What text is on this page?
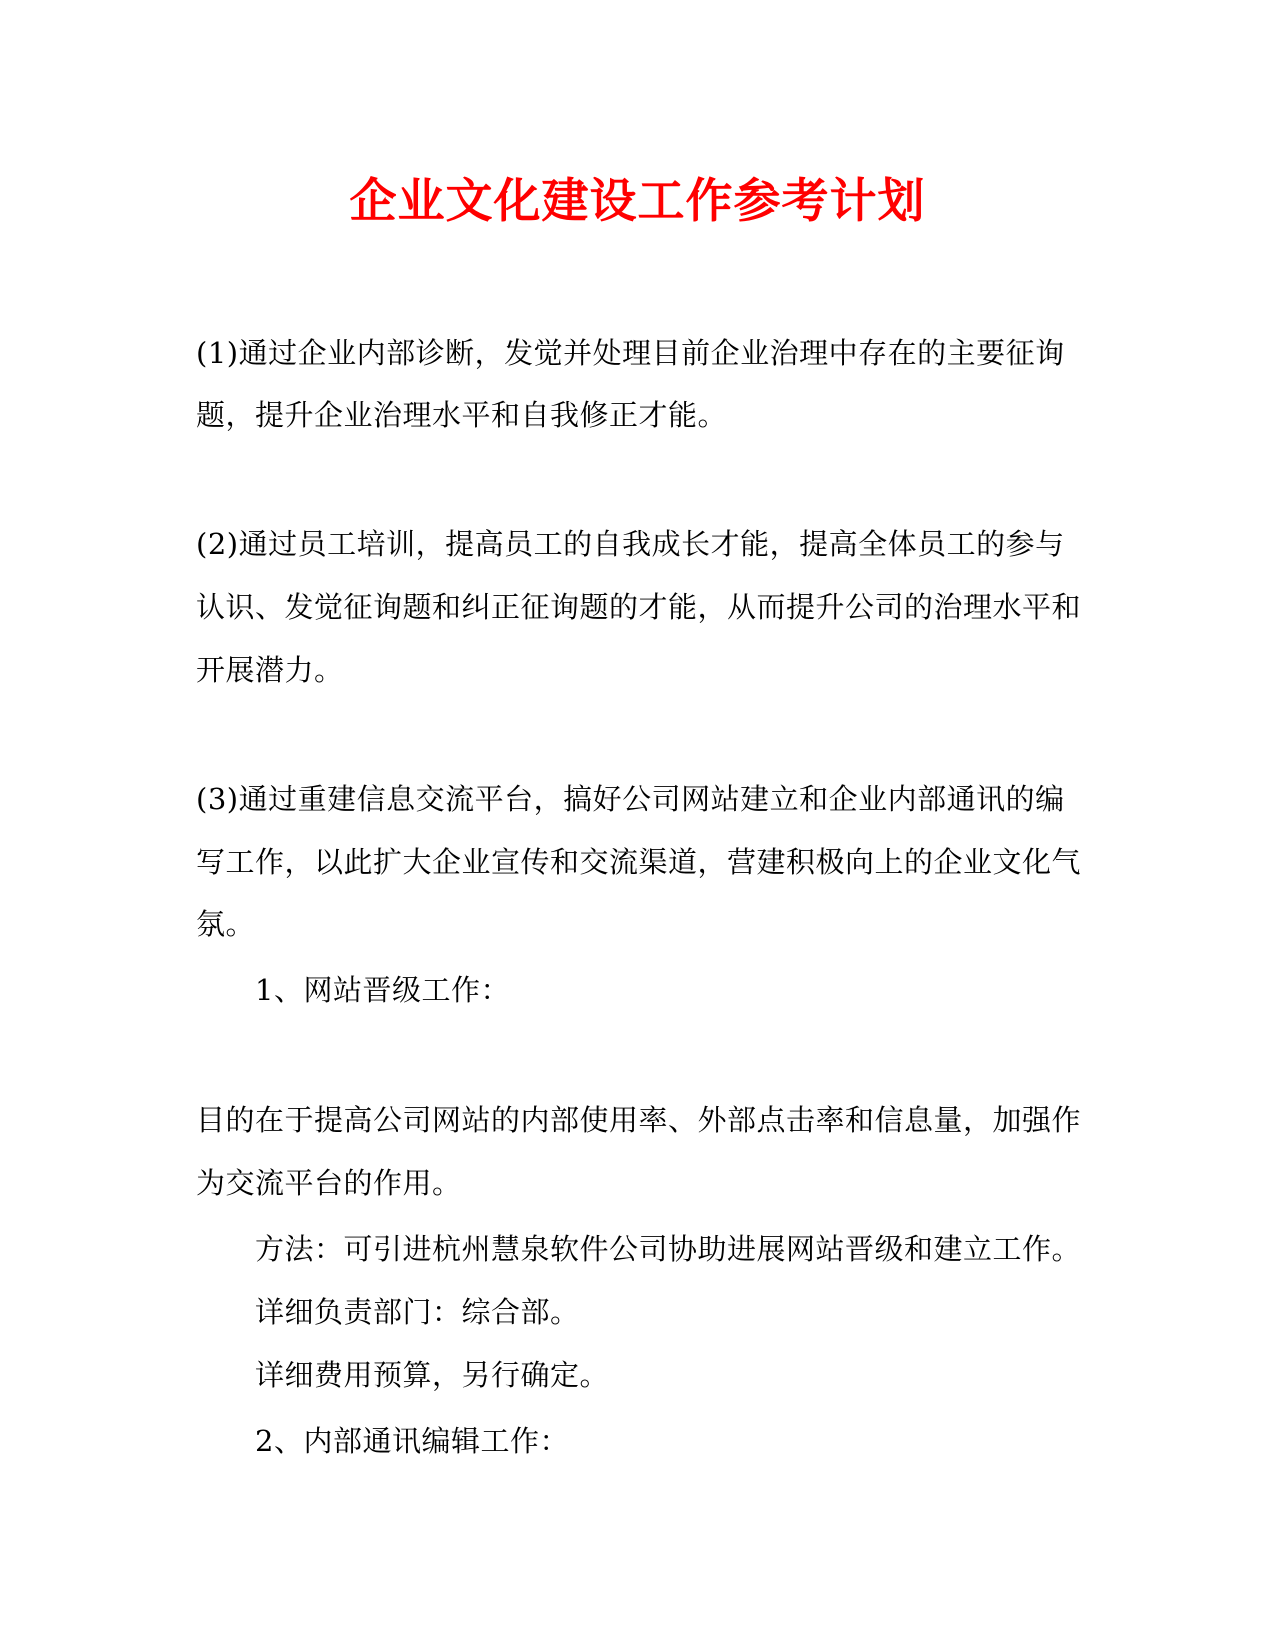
企业文化建设工作参考计划
(1)通过企业内部诊断，发觉并处理目前企业治理中存在的主要征询
题，提升企业治理水平和自我修正才能。
(2)通过员工培训，提高员工的自我成长才能，提高全体员工的参与
认识、发觉征询题和纠正征询题的才能，从而提升公司的治理水平和
开展潜力。
(3)通过重建信息交流平台，搞好公司网站建立和企业内部通讯的编
写工作，以此扩大企业宣传和交流渠道，营建积极向上的企业文化气
氛。
1、网站晋级工作：
目的在于提高公司网站的内部使用率、外部点击率和信息量，加强作
为交流平台的作用。
方法：可引进杭州慧泉软件公司协助进展网站晋级和建立工作。
详细负责部门：综合部。
详细费用预算，另行确定。
2、内部通讯编辑工作：
